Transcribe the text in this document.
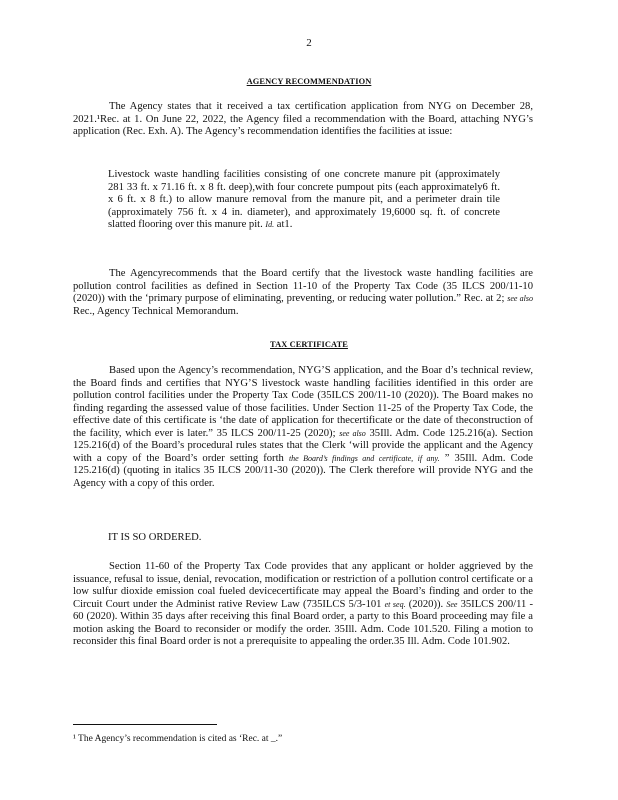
2
AGENCY RECOMMENDATION

The Agency states that it received a tax certification application from NYG on December 28, 2021.¹Rec. at 1. On June 22, 2022, the Agency filed a recommendation with the Board, attaching NYG’s application (Rec. Exh. A). The Agency’s recommendation identifies the facilities at issue:

Livestock waste handling facilities consisting of one concrete manure pit (approximately 281 33 ft. x 71.16 ft. x 8 ft. deep),with four concrete pumpout pits (each approximately6 ft. x 6 ft. x 8 ft.) to allow manure removal from the manure pit, and a perimeter drain tile (approximately 756 ft. x 4 in. diameter), and approximately 19,6000 sq. ft. of concrete slatted flooring over this manure pit. Id. at1.

The Agencyrecommends that the Board certify that the livestock waste handling facilities are pollution control facilities as defined in Section 11-10 of the Property Tax Code (35 ILCS 200/11-10 (2020)) with the ‘primary purpose of eliminating, preventing, or reducing water pollution.” Rec. at 2; see also Rec., Agency Technical Memorandum.

TAX CERTIFICATE

Based upon the Agency’s recommendation, NYG’S application, and the Boar d’s technical review, the Board finds and certifies that NYG’S livestock waste handling facilities identified in this order are pollution control facilities under the Property Tax Code (35ILCS 200/11-10 (2020)). The Board makes no finding regarding the assessed value of those facilities. Under Section 11-25 of the Property Tax Code, the effective date of this certificate is ‘the date of application for thecertificate or the date of theconstruction of the facility, which ever is later.” 35 ILCS 200/11-25 (2020); see also 35Ill. Adm. Code 125.216(a). Section 125.216(d) of the Board’s procedural rules states that the Clerk ‘will provide the applicant and the Agency with a copy of the Board’s order setting forth the Board’s findings and certificate, if any. ” 35Ill. Adm. Code 125.216(d) (quoting in italics 35 ILCS 200/11-30 (2020)). The Clerk therefore will provide NYG and the Agency with a copy of this order.

IT IS SO ORDERED.

Section 11-60 of the Property Tax Code provides that any applicant or holder aggrieved by the issuance, refusal to issue, denial, revocation, modification or restriction of a pollution control certificate or a low sulfur dioxide emission coal fueled devicecertificate may appeal the Board’s finding and order to the Circuit Court under the Administ rative Review Law (735ILCS 5/3-101 et seq. (2020)). See 35ILCS 200/11 - 60 (2020). Within 35 days after receiving this final Board order, a party to this Board proceeding may file a motion asking the Board to reconsider or modify the order. 35Ill. Adm. Code 101.520. Filing a motion to reconsider this final Board order is not a prerequisite to appealing the order.35 Ill. Adm. Code 101.902.

¹ The Agency’s recommendation is cited as ‘Rec. at _.”
